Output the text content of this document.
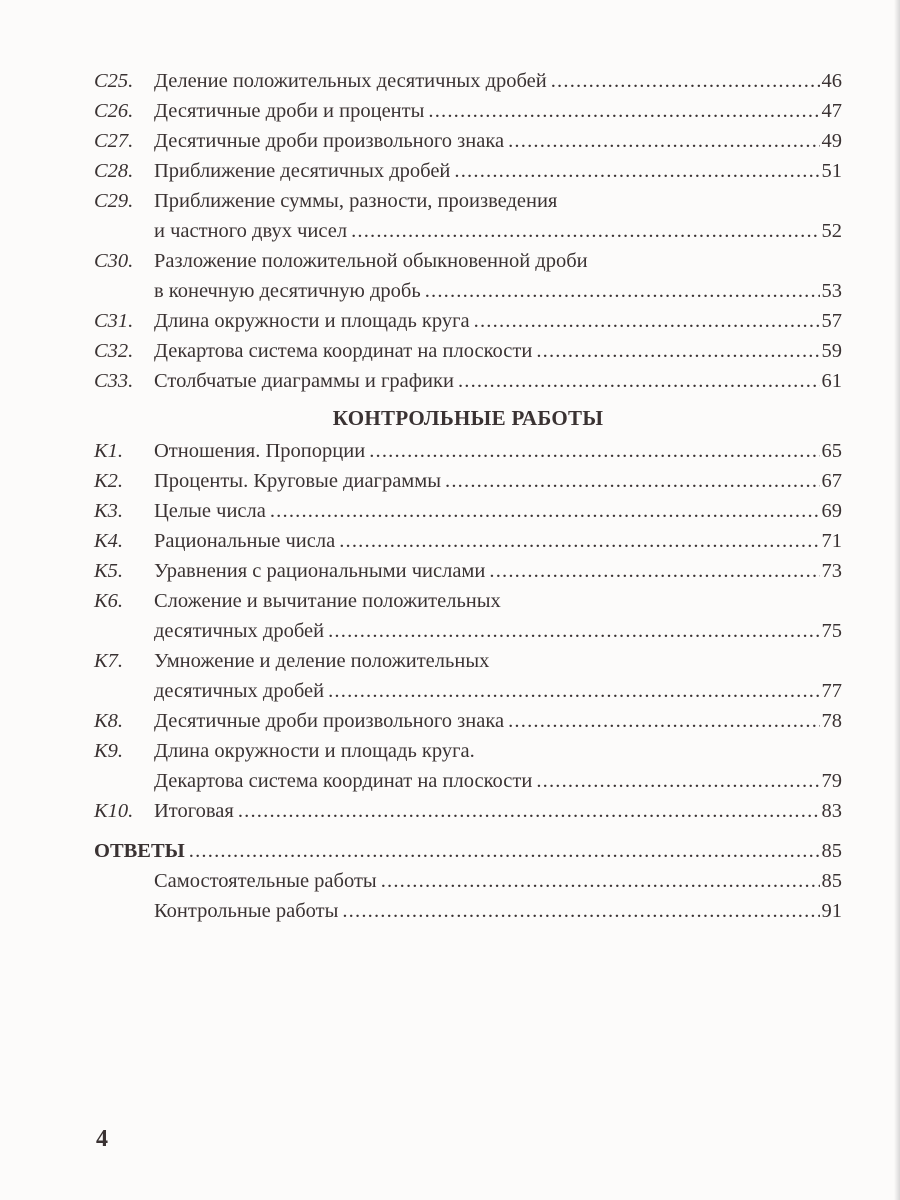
С25.	Деление положительных десятичных дробей .....	46
С26.	Десятичные дроби и проценты .....	47
С27.	Десятичные дроби произвольного знака .....	49
С28.	Приближение десятичных дробей .....	51
С29.	Приближение суммы, разности, произведения
и частного двух чисел .....	52
С30.	Разложение положительной обыкновенной дроби
в конечную десятичную дробь .....	53
С31.	Длина окружности и площадь круга .....	57
С32.	Декартова система координат на плоскости .....	59
С33.	Столбчатые диаграммы и графики .....	61
КОНТРОЛЬНЫЕ РАБОТЫ
К1.	Отношения. Пропорции .....	65
К2.	Проценты. Круговые диаграммы .....	67
К3.	Целые числа .....	69
К4.	Рациональные числа .....	71
К5.	Уравнения с рациональными числами .....	73
К6.	Сложение и вычитание положительных
десятичных дробей .....	75
К7.	Умножение и деление положительных
десятичных дробей .....	77
К8.	Десятичные дроби произвольного знака .....	78
К9.	Длина окружности и площадь круга.
Декартова система координат на плоскости .....	79
К10.	Итоговая .....	83
ОТВЕТЫ .....	85
Самостоятельные работы .....	85
Контрольные работы .....	91
4
